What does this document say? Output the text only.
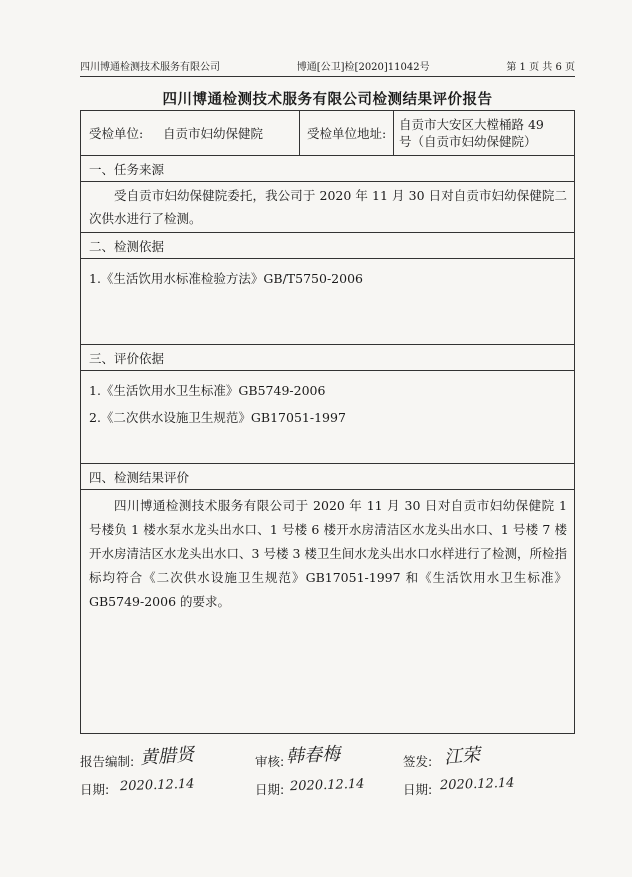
四川博通检测技术服务有限公司	博通[公卫]检[2020]11042号	第 1 页 共 6 页
四川博通检测技术服务有限公司检测结果评价报告
受检单位: 自贡市妇幼保健院	受检单位地址:
自贡市大安区大樘桶路 49
号（自贡市妇幼保健院）
一、任务来源
受自贡市妇幼保健院委托，我公司于 2020 年 11 月 30 日对自贡市妇幼保健院二次供水进行了检测。
二、检测依据
1.《生活饮用水标准检验方法》GB/T5750-2006
三、评价依据
1.《生活饮用水卫生标准》GB5749-2006
2.《二次供水设施卫生规范》GB17051-1997
四、检测结果评价
四川博通检测技术服务有限公司于 2020 年 11 月 30 日对自贡市妇幼保健院 1 号楼负 1 楼水泵水龙头出水口、1 号楼 6 楼开水房清洁区水龙头出水口、1 号楼 7 楼开水房清洁区水龙头出水口、3 号楼 3 楼卫生间水龙头出水口水样进行了检测，所检指标均符合《二次供水设施卫生规范》GB17051-1997 和《生活饮用水卫生标准》GB5749-2006 的要求。
报告编制: 黄腊贤	审核: 韩春梅	签发: 江荣
日期: 2020.12.14	日期: 2020.12.14	日期: 2020.12.14
